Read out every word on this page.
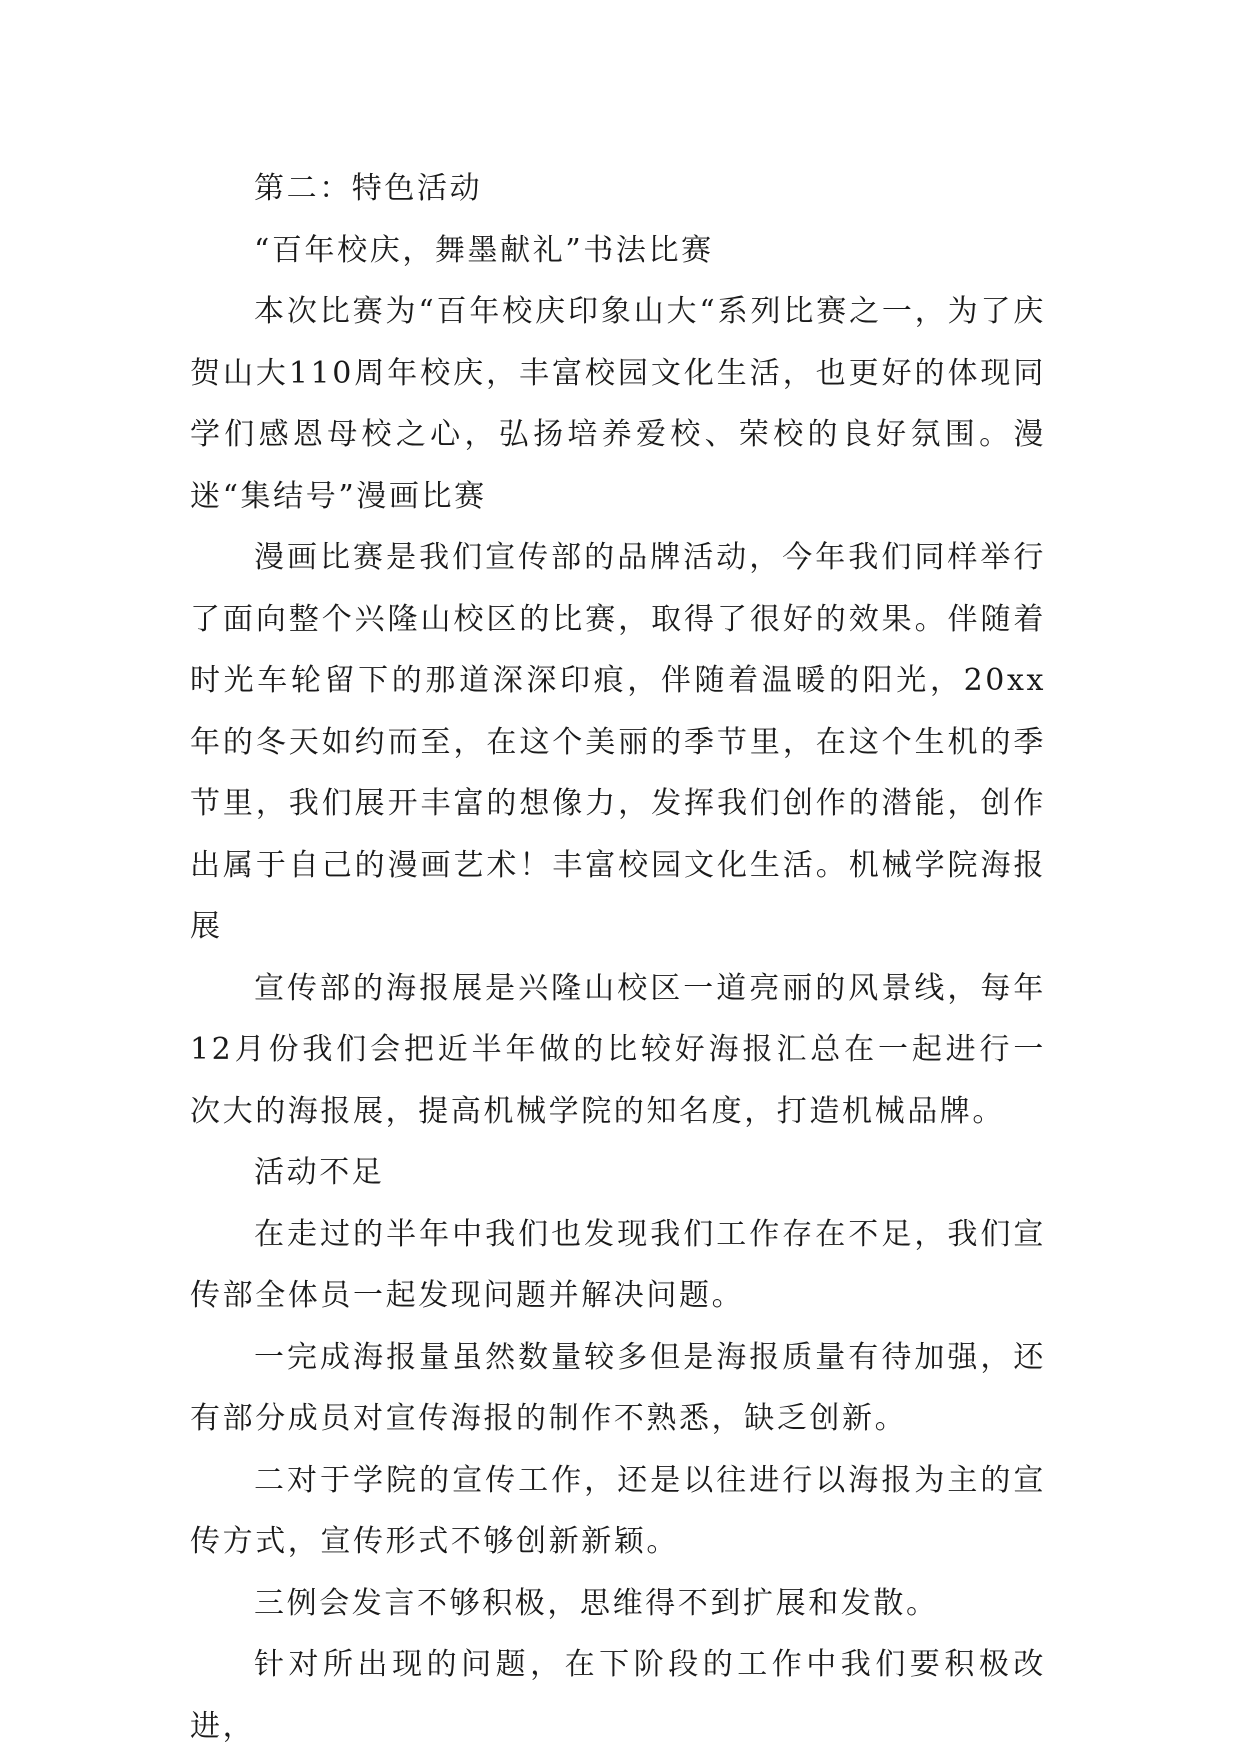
第二：特色活动

“百年校庆，舞墨献礼”书法比赛

本次比赛为“百年校庆印象山大“系列比赛之一，为了庆贺山大110周年校庆，丰富校园文化生活，也更好的体现同学们感恩母校之心，弘扬培养爱校、荣校的良好氛围。漫迷“集结号”漫画比赛

漫画比赛是我们宣传部的品牌活动，今年我们同样举行了面向整个兴隆山校区的比赛，取得了很好的效果。伴随着时光车轮留下的那道深深印痕，伴随着温暖的阳光，20xx年的冬天如约而至，在这个美丽的季节里，在这个生机的季节里，我们展开丰富的想像力，发挥我们创作的潜能，创作出属于自己的漫画艺术！丰富校园文化生活。机械学院海报展

宣传部的海报展是兴隆山校区一道亮丽的风景线，每年12月份我们会把近半年做的比较好海报汇总在一起进行一次大的海报展，提高机械学院的知名度，打造机械品牌。

活动不足

在走过的半年中我们也发现我们工作存在不足，我们宣传部全体员一起发现问题并解决问题。

一完成海报量虽然数量较多但是海报质量有待加强，还有部分成员对宣传海报的制作不熟悉，缺乏创新。

二对于学院的宣传工作，还是以往进行以海报为主的宣传方式，宣传形式不够创新新颖。

三例会发言不够积极，思维得不到扩展和发散。

针对所出现的问题，在下阶段的工作中我们要积极改进，
